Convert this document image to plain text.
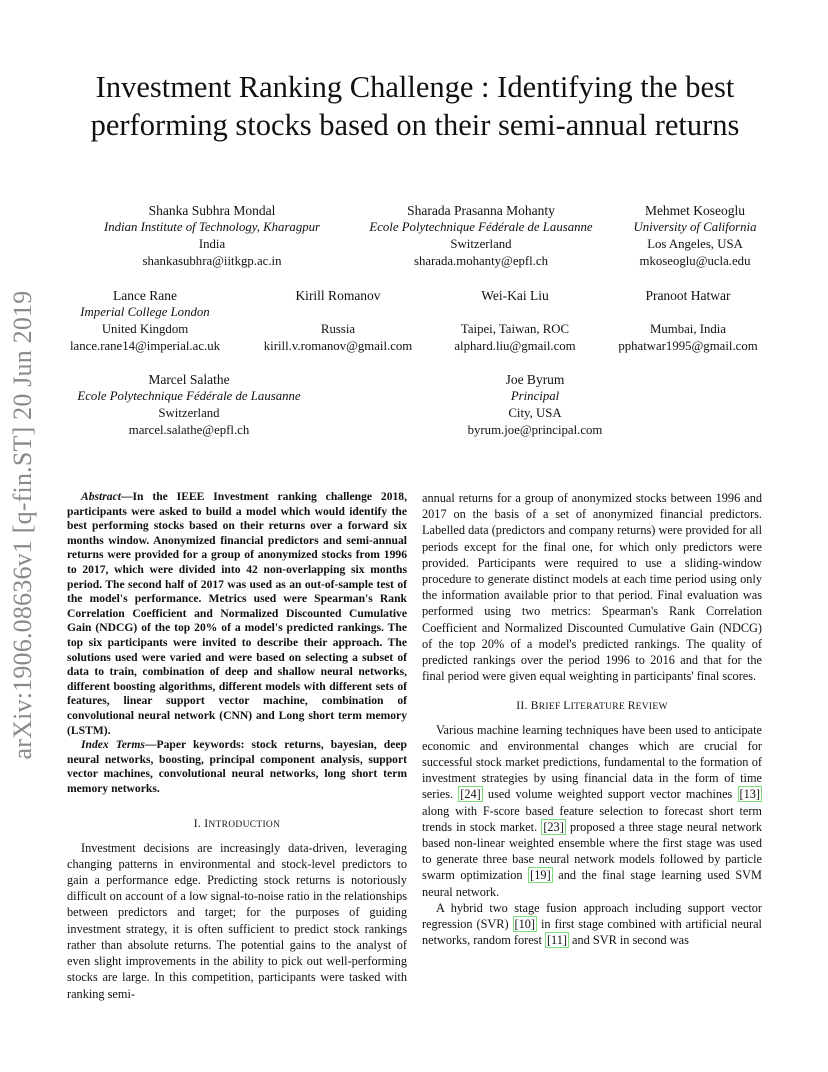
arXiv:1906.08636v1 [q-fin.ST] 20 Jun 2019
Investment Ranking Challenge : Identifying the best performing stocks based on their semi-annual returns
Shanka Subhra Mondal
Indian Institute of Technology, Kharagpur
India
shankasubhra@iitkgp.ac.in
Sharada Prasanna Mohanty
Ecole Polytechnique Fédérale de Lausanne
Switzerland
sharada.mohanty@epfl.ch
Mehmet Koseoglu
University of California
Los Angeles, USA
mkoseoglu@ucla.edu
Lance Rane
Imperial College London
United Kingdom
lance.rane14@imperial.ac.uk
Kirill Romanov
Russia
kirill.v.romanov@gmail.com
Wei-Kai Liu
Taipei, Taiwan, ROC
alphard.liu@gmail.com
Pranoot Hatwar
Mumbai, India
pphatwar1995@gmail.com
Marcel Salathe
Ecole Polytechnique Fédérale de Lausanne
Switzerland
marcel.salathe@epfl.ch
Joe Byrum
Principal
City, USA
byrum.joe@principal.com

Abstract—In the IEEE Investment ranking challenge 2018, participants were asked to build a model which would identify the best performing stocks based on their returns over a forward six months window. Anonymized financial predictors and semi-annual returns were provided for a group of anonymized stocks from 1996 to 2017, which were divided into 42 non-overlapping six months period. The second half of 2017 was used as an out-of-sample test of the model's performance. Metrics used were Spearman's Rank Correlation Coefficient and Normalized Discounted Cumulative Gain (NDCG) of the top 20% of a model's predicted rankings. The top six participants were invited to describe their approach. The solutions used were varied and were based on selecting a subset of data to train, combination of deep and shallow neural networks, different boosting algorithms, different models with different sets of features, linear support vector machine, combination of convolutional neural network (CNN) and Long short term memory (LSTM).

Index Terms—Paper keywords: stock returns, bayesian, deep neural networks, boosting, principal component analysis, support vector machines, convolutional neural networks, long short term memory networks.

I. INTRODUCTION

Investment decisions are increasingly data-driven, leveraging changing patterns in environmental and stock-level predictors to gain a performance edge. Predicting stock returns is notoriously difficult on account of a low signal-to-noise ratio in the relationships between predictors and target; for the purposes of guiding investment strategy, it is often sufficient to predict stock rankings rather than absolute returns. The potential gains to the analyst of even slight improvements in the ability to pick out well-performing stocks are large. In this competition, participants were tasked with ranking semi-

annual returns for a group of anonymized stocks between 1996 and 2017 on the basis of a set of anonymized financial predictors. Labelled data (predictors and company returns) were provided for all periods except for the final one, for which only predictors were provided. Participants were required to use a sliding-window procedure to generate distinct models at each time period using only the information available prior to that period. Final evaluation was performed using two metrics: Spearman's Rank Correlation Coefficient and Normalized Discounted Cumulative Gain (NDCG) of the top 20% of a model's predicted rankings. The quality of predicted rankings over the period 1996 to 2016 and that for the final period were given equal weighting in participants' final scores.

II. BRIEF LITERATURE REVIEW

Various machine learning techniques have been used to anticipate economic and environmental changes which are crucial for successful stock market predictions, fundamental to the formation of investment strategies by using financial data in the form of time series. [24] used volume weighted support vector machines [13] along with F-score based feature selection to forecast short term trends in stock market. [23] proposed a three stage neural network based non-linear weighted ensemble where the first stage was used to generate three base neural network models followed by particle swarm optimization [19] and the final stage learning used SVM neural network.

A hybrid two stage fusion approach including support vector regression (SVR) [10] in first stage combined with artificial neural networks, random forest [11] and SVR in second was
